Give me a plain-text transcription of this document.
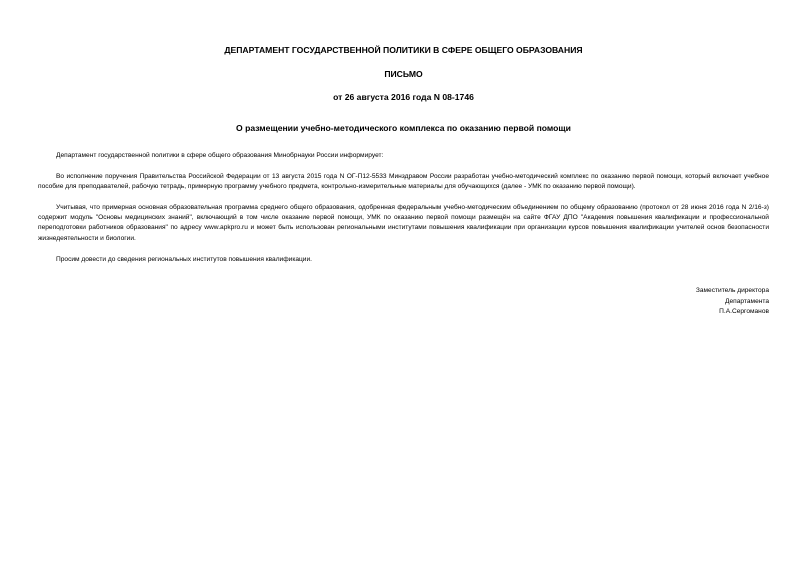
ДЕПАРТАМЕНТ ГОСУДАРСТВЕННОЙ ПОЛИТИКИ В СФЕРЕ ОБЩЕГО ОБРАЗОВАНИЯ
ПИСЬМО
от 26 августа 2016 года N 08-1746
О размещении учебно-методического комплекса по оказанию первой помощи
Департамент государственной политики в сфере общего образования Минобрнауки России информирует:
Во исполнение поручения Правительства Российской Федерации от 13 августа 2015 года N ОГ-П12-5533 Минздравом России разработан учебно-методический комплекс по оказанию первой помощи, который включает учебное пособие для преподавателей, рабочую тетрадь, примерную программу учебного предмета, контрольно-измерительные материалы для обучающихся (далее - УМК по оказанию первой помощи).
Учитывая, что примерная основная образовательная программа среднего общего образования, одобренная федеральным учебно-методическим объединением по общему образованию (протокол от 28 июня 2016 года N 2/16-з) содержит модуль "Основы медицинских знаний", включающий в том числе оказание первой помощи, УМК по оказанию первой помощи размещён на сайте ФГАУ ДПО "Академия повышения квалификации и профессиональной переподготовки работников образования" по адресу www.apkpro.ru и может быть использован региональными институтами повышения квалификации при организации курсов повышения квалификации учителей основ безопасности жизнедеятельности и биологии.
Просим довести до сведения региональных институтов повышения квалификации.
Заместитель директора
Департамента
П.А.Сергоманов
